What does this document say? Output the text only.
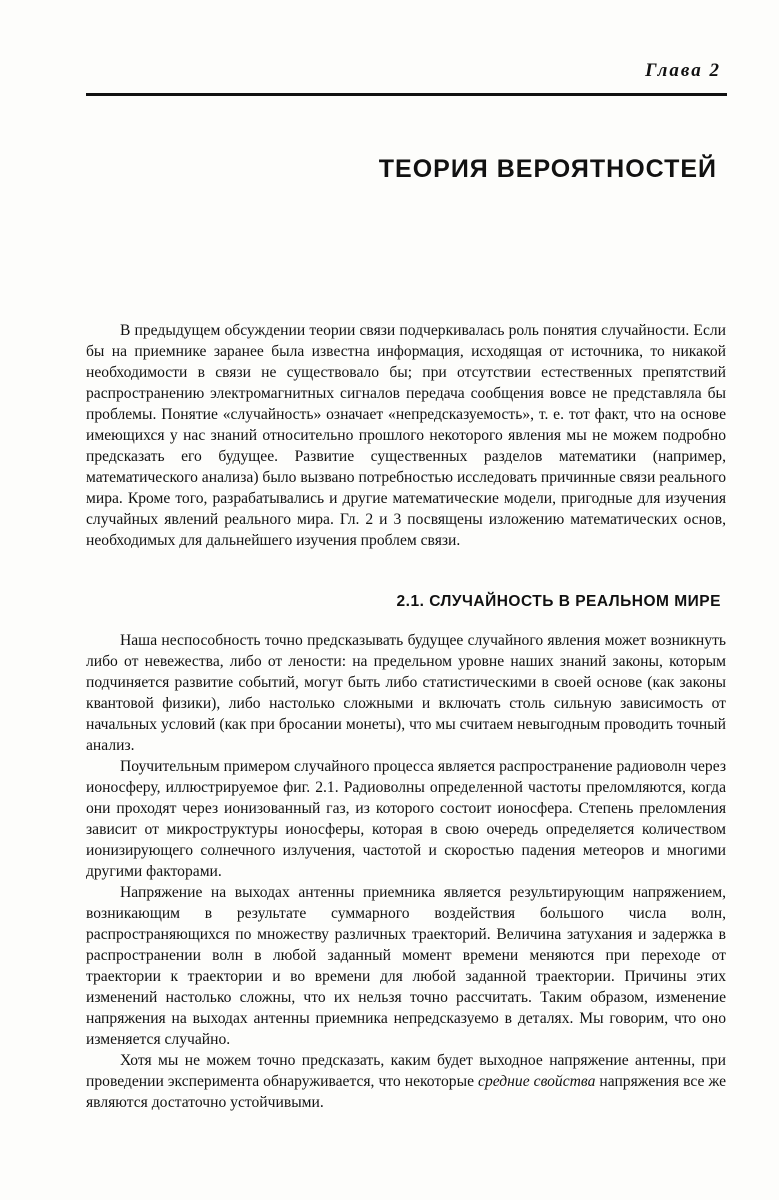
Глава 2
ТЕОРИЯ ВЕРОЯТНОСТЕЙ

В предыдущем обсуждении теории связи подчеркивалась роль понятия случайности. Если бы на приемнике заранее была известна информация, исходящая от источника, то никакой необходимости в связи не существовало бы; при отсутствии естественных препятствий распространению электромагнитных сигналов передача сообщения вовсе не представляла бы проблемы. Понятие «случайность» означает «непредсказуемость», т. е. тот факт, что на основе имеющихся у нас знаний относительно прошлого некоторого явления мы не можем подробно предсказать его будущее. Развитие существенных разделов математики (например, математического анализа) было вызвано потребностью исследовать причинные связи реального мира. Кроме того, разрабатывались и другие математические модели, пригодные для изучения случайных явлений реального мира. Гл. 2 и 3 посвящены изложению математических основ, необходимых для дальнейшего изучения проблем связи.

2.1. СЛУЧАЙНОСТЬ В РЕАЛЬНОМ МИРЕ

Наша неспособность точно предсказывать будущее случайного явления может возникнуть либо от невежества, либо от лености: на предельном уровне наших знаний законы, которым подчиняется развитие событий, могут быть либо статистическими в своей основе (как законы квантовой физики), либо настолько сложными и включать столь сильную зависимость от начальных условий (как при бросании монеты), что мы считаем невыгодным проводить точный анализ.

Поучительным примером случайного процесса является распространение радиоволн через ионосферу, иллюстрируемое фиг. 2.1. Радиоволны определенной частоты преломляются, когда они проходят через ионизованный газ, из которого состоит ионосфера. Степень преломления зависит от микроструктуры ионосферы, которая в свою очередь определяется количеством ионизирующего солнечного излучения, частотой и скоростью падения метеоров и многими другими факторами.

Напряжение на выходах антенны приемника является результирующим напряжением, возникающим в результате суммарного воздействия большого числа волн, распространяющихся по множеству различных траекторий. Величина затухания и задержка в распространении волн в любой заданный момент времени меняются при переходе от траектории к траектории и во времени для любой заданной траектории. Причины этих изменений настолько сложны, что их нельзя точно рассчитать. Таким образом, изменение напряжения на выходах антенны приемника непредсказуемо в деталях. Мы говорим, что оно изменяется случайно.

Хотя мы не можем точно предсказать, каким будет выходное напряжение антенны, при проведении эксперимента обнаруживается, что некоторые средние свойства напряжения все же являются достаточно устойчивыми.
